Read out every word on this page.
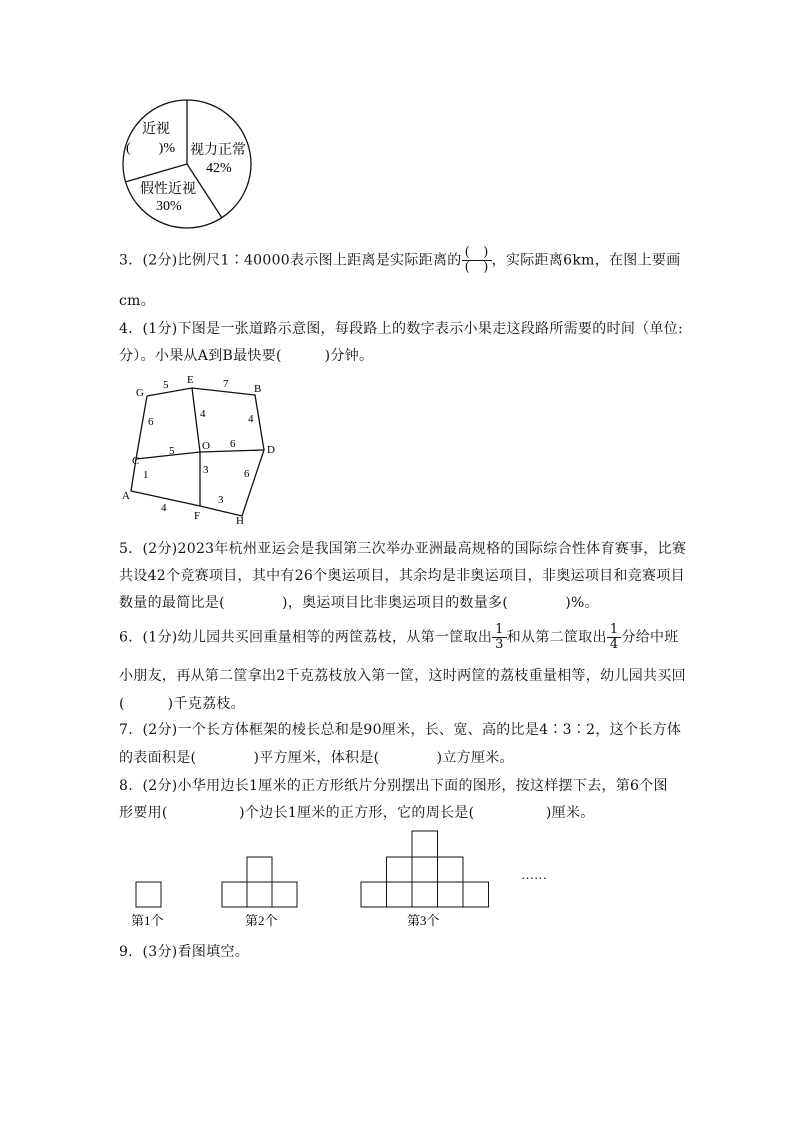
近视
(　　)% 视力正常
42%
假性近视
30%
3．(2分)比例尺1∶40000表示图上距离是实际距离的 $\frac{( )}{( )}$ ，实际距离6km，在图上要画
cm。
4．(1分)下图是一张道路示意图，每段路上的数字表示小果走这段路所需要的时间（单位:
分）。小果从A到B最快要(　　　)分钟。
G
E
B
C
O	D
A
F	H
5	7
6
4	4
5
6
1	3	6
4
3
5．(2分)2023年杭州亚运会是我国第三次举办亚洲最高规格的国际综合性体育赛事，比赛
共设42个竞赛项目，其中有26个奥运项目，其余均是非奥运项目，非奥运项目和竞赛项目
数量的最简比是(　　　　)，奥运项目比非奥运项目的数量多(　　　　)%。
6．(1分)幼儿园共买回重量相等的两筐荔枝，从第一筐取出 $\frac{1}{3}$ 和从第二筐取出 $\frac{1}{4}$ 分给中班
小朋友，再从第二筐拿出2千克荔枝放入第一筐，这时两筐的荔枝重量相等，幼儿园共买回
(　　　)千克荔枝。
7．(2分)一个长方体框架的棱长总和是90厘米，长、宽、高的比是4∶3∶2，这个长方体
的表面积是(　　　　)平方厘米，体积是(　　　　)立方厘米。
8．(2分)小华用边长1厘米的正方形纸片分别摆出下面的图形，按这样摆下去，第6个图
形要用(　　　　　)个边长1厘米的正方形，它的周长是(　　　　　)厘米。
第1个	第2个	第3个
……
9．(3分)看图填空。
